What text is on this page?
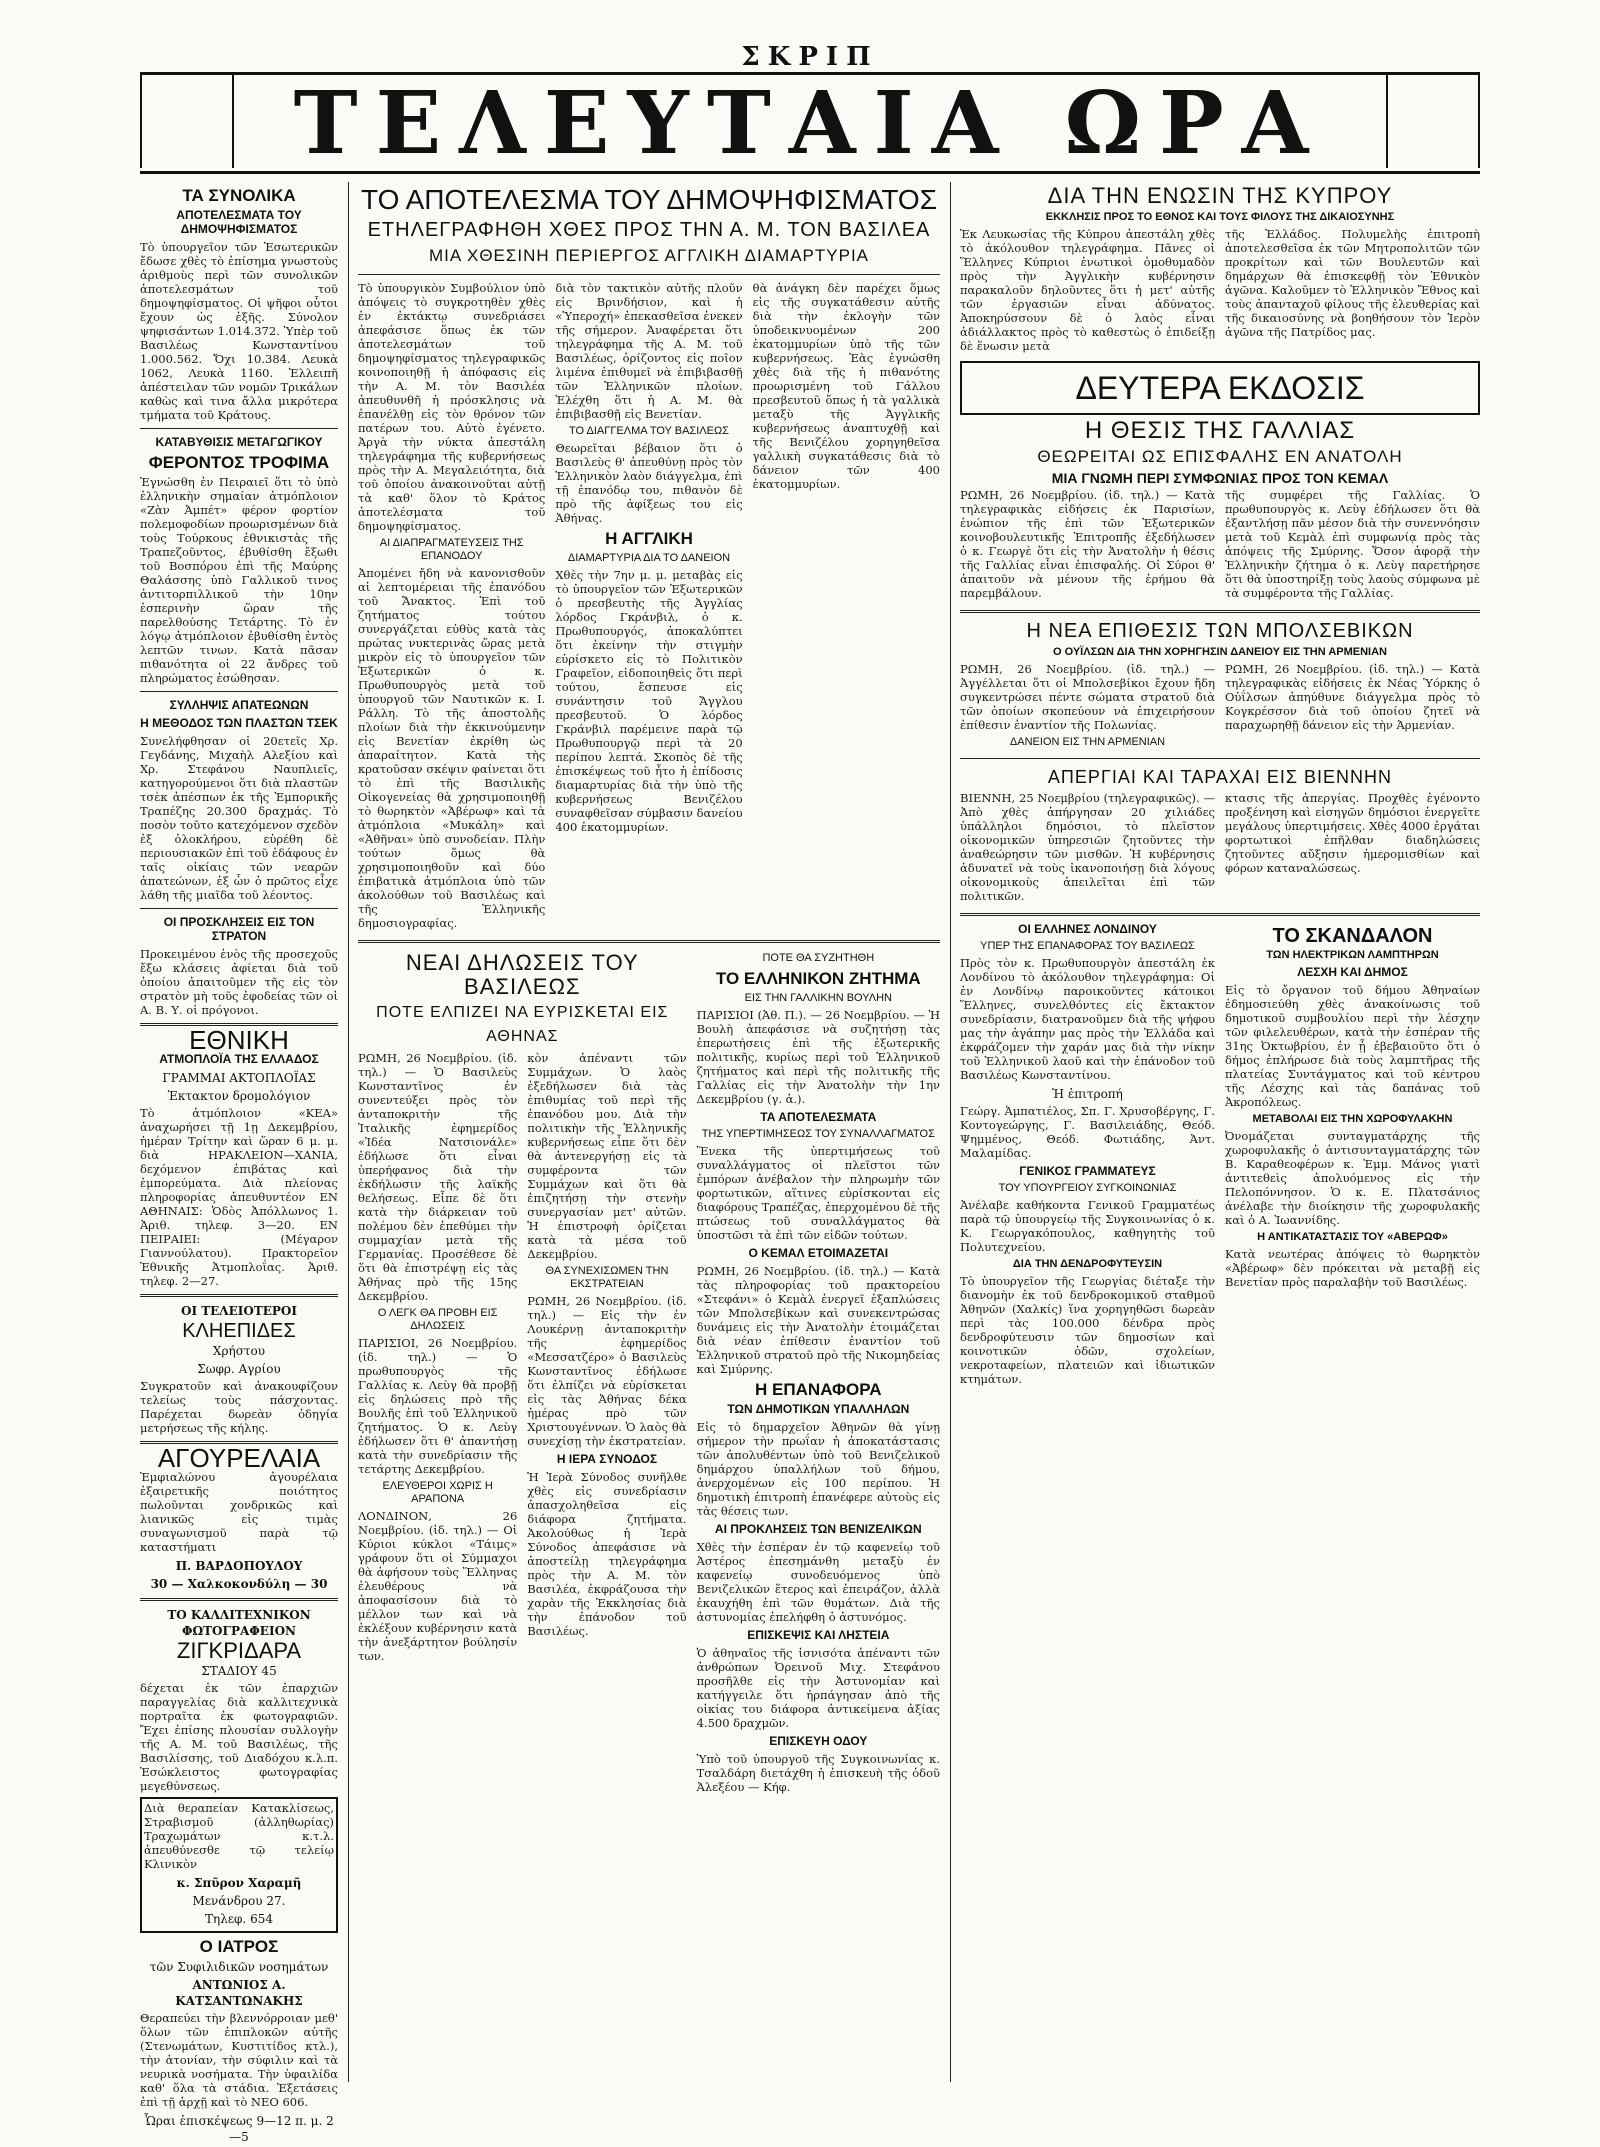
ΣΚΡΙΠ
ΤΕΛΕΥΤΑΙΑ ΩΡΑ
ΤΑ ΣΥΝΟΛΙΚΑ
ΑΠΟΤΕΛΕΣΜΑΤΑ ΤΟΥ ΔΗΜΟΨΗΦΙΣΜΑΤΟΣ
Τὸ ὑπουργεῖον τῶν Ἐσωτερικῶν ἔδωσε χθὲς τὸ ἐπίσημα γνωστοὺς ἀριθμοὺς περὶ τῶν συνολικῶν ἀποτελεσμάτων τοῦ δημοψηφίσματος. Οἱ ψῆφοι οὗτοι ἔχουν ὡς ἑξῆς. Σύνολον ψηφισάντων 1.014.372. Ὑπὲρ τοῦ Βασιλέως Κωνσταντίνου 1.000.562. Ὄχι 10.384. Λευκὰ 1062, Λευκὰ 1160. Ἐλλειπῆ ἀπέστειλαν τῶν νομῶν Τρικάλων καθὼς καὶ τινα ἄλλα μικρότερα τμήματα τοῦ Κράτους.
ΚΑΤΑΒΥΘΙΣΙΣ ΜΕΤΑΓΩΓΙΚΟΥ
ΦΕΡΟΝΤΟΣ ΤΡΟΦΙΜΑ
Ἐγνώσθη ἐν Πειραιεῖ ὅτι τὸ ὑπὸ ἑλληνικὴν σημαίαν ἀτμόπλοιον «Ζὰν Ἀμπέτ» φέρον φορτίον πολεμοφοδίων προωρισμένων διὰ τοὺς Τούρκους ἐθνικιστὰς τῆς Τραπεζοῦντος, ἐβυθίσθη ἔξωθι τοῦ Βοσπόρου ἐπὶ τῆς Μαύρης Θαλάσσης ὑπὸ Γαλλικοῦ τινος ἀντιτορπιλλικοῦ τὴν 10ην ἑσπερινὴν ὥραν τῆς παρελθούσης Τετάρτης. Τὸ ἐν λόγῳ ἀτμόπλοιον ἐβυθίσθη ἐντὸς λεπτῶν τινων. Κατὰ πᾶσαν πιθανότητα οἱ 22 ἄνδρες τοῦ πληρώματος ἐσώθησαν.
ΣΥΛΛΗΨΙΣ ΑΠΑΤΕΩΝΩΝ
Η ΜΕΘΟΔΟΣ ΤΩΝ ΠΛΑΣΤΩΝ ΤΣΕΚ
Συνελήφθησαν οἱ 20ετεῖς Χρ. Γεγδάνης, Μιχαὴλ Αλεξίου καὶ Χρ. Στεφάνου Ναυπλιεῖς, κατηγορούμενοι ὅτι διὰ πλαστῶν τσὲκ ἀπέσπων ἐκ τῆς Ἐμπορικῆς Τραπέζης 20.300 δραχμάς. Τὸ ποσὸν τοῦτο κατεχόμενον σχεδὸν ἐξ ὁλοκλήρου, εὑρέθη δὲ περιουσιακῶν ἐπὶ τοῦ ἐδάφους ἐν ταῖς οἰκίαις τῶν νεαρῶν ἀπατεώνων, ἐξ ὧν ὁ πρῶτος εἶχε λάθη τῆς μιαῖδα τοῦ λέοντος.
ΟΙ ΠΡΟΣΚΛΗΣΕΙΣ ΕΙΣ ΤΟΝ ΣΤΡΑΤΟΝ
Προκειμένου ἐνὸς τῆς προσεχοῦς ἔξω κλάσεις ἀφίεται διὰ τοῦ ὁποίου ἀπαιτοῦμεν τῆς εἰς τὸν στρατὸν μὴ τοῦς ἐφοδείας τῶν οἱ Α. Β. Υ. οἱ πρόγονοι.
ΕΘΝΙΚΗ
ΑΤΜΟΠΛΟΪΑ ΤΗΣ ΕΛΛΑΔΟΣ
ΓΡΑΜΜΑΙ ΑΚΤΟΠΛΟΪΑΣ
Ἐκτακτον δρομολόγιον
Τὸ ἀτμόπλοιον «ΚΕΑ» ἀναχωρήσει τῇ 1ῃ Δεκεμβρίου, ἡμέραν Τρίτην καὶ ὥραν 6 μ. μ. διὰ ΗΡΑΚΛΕΙΟΝ—ΧΑΝΙΑ, δεχόμενον ἐπιβάτας καὶ ἐμπορεύματα. Διὰ πλείονας πληροφορίας ἀπευθυντέον ΕΝ ΑΘΗΝΑΙΣ: Ὁδὸς Ἀπόλλωνος 1. Ἀριθ. τηλεφ. 3—20. ΕΝ ΠΕΙΡΑΙΕΙ: (Μέγαρον Γιαννούλατου). Πρακτορεῖον Ἐθνικῆς Ἀτμοπλοΐας. Ἀριθ. τηλεφ. 2—27.
ΟΙ ΤΕΛΕΙΟΤΕΡΟΙ
ΚΛΗΕΠΙΔΕΣ
Χρήστου
Σωφρ. Αγρίου
Συγκρατοῦν καὶ ἀνακουφίζουν τελείως τοὺς πάσχοντας. Παρέχεται δωρεὰν ὁδηγία μετρήσεως τῆς κήλης.
ΑΓΟΥΡΕΛΑΙΑ
Ἐμφιαλώνου ἀγουρέλαια ἐξαιρετικῆς ποιότητος πωλοῦνται χονδρικῶς καὶ λιανικῶς εἰς τιμὰς συναγωνισμοῦ παρὰ τῷ καταστήματι
Π. ΒΑΡΔΟΠΟΥΛΟΥ
30 — Χαλκοκονδύλη — 30
ΤΟ ΚΑΛΛΙΤΕΧΝΙΚΟΝ ΦΩΤΟΓΡΑΦΕΙΟΝ
ΖΙΓΚΡΙΔΑΡΑ
ΣΤΑΔΙΟΥ 45
δέχεται ἐκ τῶν ἐπαρχιῶν παραγγελίας διὰ καλλιτεχνικὰ πορτραῖτα ἐκ φωτογραφιῶν. Ἔχει ἐπίσης πλουσίαν συλλογὴν τῆς Α. Μ. τοῦ Βασιλέως, τῆς Βασιλίσσης, τοῦ Διαδόχου κ.λ.π. Ἐσώκλειστος φωτογραφίας μεγεθύνσεως.
Διὰ θεραπείαν Κατακλίσεως, Στραβισμοῦ (ἀλληθωρίας) Τραχωμάτων κ.τ.λ. ἀπευθύνεσθε τῷ τελείῳ Κλινικὸν
κ. Σπῦρον Χαραμῆ
Μενάνδρου 27.
Τηλεφ. 654
Ο ΙΑΤΡΟΣ
τῶν Συφιλιδικῶν νοσημάτων
ΑΝΤΩΝΙΟΣ Α. ΚΑΤΣΑΝΤΩΝΑΚΗΣ
Θεραπεύει τὴν βλεννόρροιαν μεθ' ὅλων τῶν ἐπιπλοκῶν αὐτῆς (Στενωμάτων, Κυστιτίδος κτλ.), τὴν ἀτονίαν, τὴν σύφιλιν καὶ τὰ νευρικὰ νοσήματα. Τὴν ὑφαιλίδα καθ' ὅλα τὰ στάδια. Ἐξετάσεις ἐπὶ τῇ ἀρχῇ καὶ τὸ ΝΕΟ 606.
Ὧραι ἐπισκέψεως 9—12 π. μ. 2—5
ΤΟ ΑΠΟΤΕΛΕΣΜΑ ΤΟΥ ΔΗΜΟΨΗΦΙΣΜΑΤΟΣ
ΕΤΗΛΕΓΡΑΦΗΘΗ ΧΘΕΣ ΠΡΟΣ ΤΗΝ Α. Μ. ΤΟΝ ΒΑΣΙΛΕΑ
ΜΙΑ ΧΘΕΣΙΝΗ ΠΕΡΙΕΡΓΟΣ ΑΓΓΛΙΚΗ ΔΙΑΜΑΡΤΥΡΙΑ
Τὸ ὑπουργικὸν Συμβούλιον ὑπὸ ἀπόψεις τὸ συγκροτηθὲν χθὲς ἐν ἐκτάκτῳ συνεδριάσει ἀπεφάσισε ὅπως ἐκ τῶν ἀποτελεσμάτων τοῦ δημοψηφίσματος τηλεγραφικῶς κοινοποιηθῇ ἡ ἀπόφασις εἰς τὴν Α. Μ. τὸν Βασιλέα ἀπευθυνθῆ ἡ πρόσκλησις νὰ ἐπανέλθῃ εἰς τὸν θρόνον τῶν πατέρων του. Αὐτὸ ἐγένετο. Ἀργὰ τὴν νύκτα ἀπεστάλη τηλεγράφημα τῆς κυβερνήσεως πρὸς τὴν Α. Μεγαλειότητα, διὰ τοῦ ὁποίου ἀνακοινοῦται αὐτῇ τὰ καθ' ὅλον τὸ Κράτος ἀποτελέσματα τοῦ δημοψηφίσματος.
ΑΙ ΔΙΑΠΡΑΓΜΑΤΕΥΣΕΙΣ ΤΗΣ ΕΠΑΝΟΔΟΥ
Ἀπομένει ἤδη νὰ κανονισθοῦν αἱ λεπτομέρειαι τῆς ἐπανόδου τοῦ Ἄνακτος. Ἐπὶ τοῦ ζητήματος τούτου συνεργάζεται εὐθὺς κατὰ τὰς πρώτας νυκτερινὰς ὥρας μετὰ μικρὸν εἰς τὸ ὑπουργεῖον τῶν Ἐξωτερικῶν ὁ κ. Πρωθυπουργὸς μετὰ τοῦ ὑπουργοῦ τῶν Ναυτικῶν κ. Ι. Ράλλη. Τὸ τῆς ἀποστολῆς πλοίων διὰ τὴν ἐκκινούμενην εἰς Βενετίαν ἐκρίθη ὡς ἀπαραίτητον. Κατὰ τὴς κρατοῦσαν σκέψιν φαίνεται ὅτι τὸ ἐπὶ τῆς Βασιλικῆς Οἰκογενείας θὰ χρησιμοποιηθῇ τὸ θωρηκτὸν «Ἀβέρωφ» καὶ τὰ ἀτμόπλοια «Μυκάλη» καὶ «Ἀθῆναι» ὑπὸ συνοδείαν. Πλὴν τούτων ὅμως θὰ χρησιμοποιηθοῦν καὶ δύο ἐπιβατικὰ ἀτμόπλοια ὑπὸ τῶν ἀκολούθων τοῦ Βασιλέως καὶ τῆς Ἑλληνικῆς δημοσιογραφίας.
διὰ τὸν τακτικὸν αὐτῆς πλοῦν εἰς Βρινδήσιον, καὶ ἡ «Ὑπεροχή» ἐπεκασθεῖσα ἐνεκεν τῆς σήμερον. Ἀναφέρεται ὅτι τηλεγράφημα τῆς Α. Μ. τοῦ Βασιλέως, ὁρίζοντος εἰς ποῖον λιμένα ἐπιθυμεῖ νὰ ἐπιβιβασθῇ τῶν Ἑλληνικῶν πλοίων. Ἐλέχθη ὅτι ἡ Α. Μ. θὰ ἐπιβιβασθῇ εἰς Βενετίαν.
ΤΟ ΔΙΑΓΓΕΛΜΑ ΤΟΥ ΒΑΣΙΛΕΩΣ
Θεωρεῖται βέβαιον ὅτι ὁ Βασιλεὺς θ' ἀπευθύνῃ πρὸς τὸν Ἑλληνικὸν λαὸν διάγγελμα, ἐπὶ τῇ ἐπανόδῳ του, πιθανὸν δὲ πρὸ τῆς ἀφίξεως του εἰς Ἀθήνας.
Η ΑΓΓΛΙΚΗ
ΔΙΑΜΑΡΤΥΡΙΑ ΔΙΑ ΤΟ ΔΑΝΕΙΟΝ
Χθὲς τὴν 7ην μ. μ. μεταβὰς εἰς τὸ ὑπουργεῖον τῶν Ἐξωτερικῶν ὁ πρεσβευτὴς τῆς Ἀγγλίας λόρδος Γκράνβιλ, ὁ κ. Πρωθυπουργός, ἀποκαλύπτει ὅτι ἐκείνην τὴν στιγμὴν εὑρίσκετο εἰς τὸ Πολιτικὸν Γραφεῖον, εἰδοποιηθεὶς ὅτι περὶ τούτου, ἔσπευσε εἰς συνάντησιν τοῦ Ἄγγλου πρεσβευτοῦ. Ὁ λόρδος Γκράνβιλ παρέμεινε παρὰ τῷ Πρωθυπουργῷ περὶ τὰ 20 περίπου λεπτά. Σκοπὸς δὲ τῆς ἐπισκέψεως τοῦ ἦτο ἡ ἐπίδοσις διαμαρτυρίας διὰ τὴν ὑπὸ τῆς κυβερνήσεως Βενιζέλου συναφθεῖσαν σύμβασιν δανείου 400 ἑκατομμυρίων.
θὰ ἀνάγκη δὲν παρέχει ὅμως εἰς τῆς συγκατάθεσιν αὐτῆς διὰ τὴν ἐκλογὴν τῶν ὑποδεικνυομένων 200 ἑκατομμυρίων ὑπὸ τῆς τῶν κυβερνήσεως. Ἐὰς ἐγνώσθη χθὲς διὰ τῆς ἡ πιθανότης προωρισμένη τοῦ Γάλλου πρεσβευτοῦ ὅπως ἡ τὰ γαλλικὰ μεταξὺ τῆς Ἀγγλικῆς κυβερνήσεως ἀναπτυχθῇ καὶ τῆς Βενιζέλου χορηγηθεῖσα γαλλικὴ συγκατάθεσις διὰ τὸ δάνειον τῶν 400 ἑκατομμυρίων.
ΝΕΑΙ ΔΗΛΩΣΕΙΣ ΤΟΥ ΒΑΣΙΛΕΩΣ
ΠΟΤΕ ΕΛΠΙΖΕΙ ΝΑ ΕΥΡΙΣΚΕΤΑΙ ΕΙΣ ΑΘΗΝΑΣ
ΡΩΜΗ, 26 Νοεμβρίου. (ἰδ. τηλ.) — Ὁ Βασιλεὺς Κωνσταντῖνος ἐν συνεντεύξει πρὸς τὸν ἀνταποκριτὴν τῆς Ἰταλικῆς ἐφημερίδος «Ἰδέα Νατσιονάλε» ἐδήλωσε ὅτι εἶναι ὑπερήφανος διὰ τὴν ἐκδήλωσιν τῆς λαϊκῆς θελήσεως. Εἶπε δὲ ὅτι κατὰ τὴν διάρκειαν τοῦ πολέμου δὲν ἐπεθύμει τὴν συμμαχίαν μετὰ τῆς Γερμανίας. Προσέθεσε δὲ ὅτι θὰ ἐπιστρέψῃ εἰς τὰς Ἀθήνας πρὸ τῆς 15ης Δεκεμβρίου.
Ο ΛΕΓΚ ΘΑ ΠΡΟΒΗ ΕΙΣ ΔΗΛΩΣΕΙΣ
ΠΑΡΙΣΙΟΙ, 26 Νοεμβρίου. (ἰδ. τηλ.) — Ὁ πρωθυπουργὸς τῆς Γαλλίας κ. Λεὺγ θὰ προβῇ εἰς δηλώσεις πρὸ τῆς Βουλῆς ἐπὶ τοῦ Ἑλληνικοῦ ζητήματος. Ὁ κ. Λεὺγ ἐδήλωσεν ὅτι θ' ἀπαντήσῃ κατὰ τὴν συνεδρίασιν τῆς τετάρτης Δεκεμβρίου.
ΕΛΕΥΘΕΡΟΙ ΧΩΡΙΣ Η ΑΡΑΠΟΝΑ
ΛΟΝΔΙΝΟΝ, 26 Νοεμβρίου. (ἰδ. τηλ.) — Οἱ Κύριοι κύκλοι «Τάιμς» γράφουν ὅτι οἱ Σύμμαχοι θὰ ἀφήσουν τοὺς Ἕλληνας ἐλευθέρους νὰ ἀποφασίσουν διὰ τὸ μέλλον των καὶ νὰ ἐκλέξουν κυβέρνησιν κατὰ τὴν ἀνεξάρτητον βούλησίν των.
κὸν ἀπέναντι τῶν Συμμάχων. Ὁ λαὸς ἐξεδήλωσεν διὰ τὰς ἐπιθυμίας τοῦ περὶ τῆς ἐπανόδου μου. Διὰ τὴν πολιτικὴν τῆς Ἑλληνικῆς κυβερνήσεως εἶπε ὅτι δὲν θὰ ἀντενεργήσῃ εἰς τὰ συμφέροντα τῶν Συμμάχων καὶ ὅτι θὰ ἐπιζητήσῃ τὴν στενὴν συνεργασίαν μετ' αὐτῶν. Ἡ ἐπιστροφὴ ὁρίζεται κατὰ τὰ μέσα τοῦ Δεκεμβρίου.
ΘΑ ΣΥΝΕΧΙΣΩΜΕΝ ΤΗΝ ΕΚΣΤΡΑΤΕΙΑΝ
ΡΩΜΗ, 26 Νοεμβρίου. (ἰδ. τηλ.) — Εἰς τὴν ἐν Λουκέρνῃ ἀνταποκριτὴν τῆς ἐφημερίδος «Μεσσατζέρο» ὁ Βασιλεὺς Κωνσταντῖνος ἐδήλωσε ὅτι ἐλπίζει νὰ εὑρίσκεται εἰς τὰς Ἀθήνας δέκα ἡμέρας πρὸ τῶν Χριστουγέννων. Ὁ λαὸς θὰ συνεχίσῃ τὴν ἐκστρατείαν.
Η ΙΕΡΑ ΣΥΝΟΔΟΣ
Ἡ Ἱερὰ Σύνοδος συνῆλθε χθὲς εἰς συνεδρίασιν ἀπασχοληθεῖσα εἰς διάφορα ζητήματα. Ἀκολούθως ἡ Ἱερὰ Σύνοδος ἀπεφάσισε νὰ ἀποστείλῃ τηλεγράφημα πρὸς τὴν Α. Μ. τὸν Βασιλέα, ἐκφράζουσα τὴν χαρὰν τῆς Ἐκκλησίας διὰ τὴν ἐπάνοδον τοῦ Βασιλέως.
ΠΟΤΕ ΘΑ ΣΥΖΗΤΗΘΗ
ΤΟ ΕΛΛΗΝΙΚΟΝ ΖΗΤΗΜΑ
ΕΙΣ ΤΗΝ ΓΑΛΛΙΚΗΝ ΒΟΥΛΗΝ
ΠΑΡΙΣΙΟΙ (Ἀθ. Π.). — 26 Νοεμβρίου. — Ἡ Βουλὴ ἀπεφάσισε νὰ συζητήσῃ τὰς ἐπερωτήσεις ἐπὶ τῆς ἐξωτερικῆς πολιτικῆς, κυρίως περὶ τοῦ Ἑλληνικοῦ ζητήματος καὶ περὶ τῆς πολιτικῆς τῆς Γαλλίας εἰς τὴν Ἀνατολὴν τὴν 1ην Δεκεμβρίου (γ. ἀ.).
ΤΑ ΑΠΟΤΕΛΕΣΜΑΤΑ
ΤΗΣ ΥΠΕΡΤΙΜΗΣΕΩΣ ΤΟΥ ΣΥΝΑΛΛΑΓΜΑΤΟΣ
Ἕνεκα τῆς ὑπερτιμήσεως τοῦ συναλλάγματος οἱ πλεῖστοι τῶν ἐμπόρων ἀνέβαλον τὴν πληρωμὴν τῶν φορτωτικῶν, αἵτινες εὑρίσκονται εἰς διαφόρους Τραπέζας, ἐπερχομένου δὲ τῆς πτώσεως τοῦ συναλλάγματος θὰ ὑποστῶσι τὰ ἐπὶ τῶν εἰδῶν τούτων.
Ο ΚΕΜΑΛ ΕΤΟΙΜΑΖΕΤΑΙ
ΡΩΜΗ, 26 Νοεμβρίου. (ἰδ. τηλ.) — Κατὰ τὰς πληροφορίας τοῦ πρακτορείου «Στεφάνι» ὁ Κεμὰλ ἐνεργεῖ ἐξαπλώσεις τῶν Μπολσεβίκων καὶ συνεκεντρώσας δυνάμεις εἰς τὴν Ἀνατολὴν ἑτοιμάζεται διὰ νέαν ἐπίθεσιν ἐναντίον τοῦ Ἑλληνικοῦ στρατοῦ πρὸ τῆς Νικομηδείας καὶ Σμύρνης.
Η ΕΠΑΝΑΦΟΡΑ
ΤΩΝ ΔΗΜΟΤΙΚΩΝ ΥΠΑΛΛΗΛΩΝ
Εἰς τὸ δημαρχεῖον Ἀθηνῶν θὰ γίνῃ σήμερον τὴν πρωΐαν ἡ ἀποκατάστασις τῶν ἀπολυθέντων ὑπὸ τοῦ Βενιζελικοῦ δημάρχου ὑπαλλήλων τοῦ δήμου, ἀνερχομένων εἰς 100 περίπου. Ἡ δημοτικὴ ἐπιτροπὴ ἐπανέφερε αὐτοὺς εἰς τὰς θέσεις των.
ΑΙ ΠΡΟΚΛΗΣΕΙΣ ΤΩΝ ΒΕΝΙΖΕΛΙΚΩΝ
Χθὲς τὴν ἑσπέραν ἐν τῷ καφενείῳ τοῦ Ἀστέρος ἐπεσημάνθη μεταξὺ ἐν καφενείῳ συνοδευόμενος ὑπὸ Βενιζελικῶν ἕτερος καὶ ἐπειράζον, ἀλλὰ ἐκαυχήθη ἐπὶ τῶν θυμάτων. Διὰ τῆς ἀστυνομίας ἐπελήφθη ὁ ἀστυνόμος.
ΕΠΙΣΚΕΨΙΣ ΚΑΙ ΛΗΣΤΕΙΑ
Ὁ ἀθηναῖος τῆς ἰσνισότα ἀπέναντι τῶν ἀνθρώπων Ὀρεινοῦ Μιχ. Στεφάνου προσῆλθε εἰς τὴν Ἀστυνομίαν καὶ κατήγγειλε ὅτι ἠρπάγησαν ἀπὸ τῆς οἰκίας του διάφορα ἀντικείμενα ἀξίας 4.500 δραχμῶν.
ΕΠΙΣΚΕΥΗ ΟΔΟΥ
Ὑπὸ τοῦ ὑπουργοῦ τῆς Συγκοινωνίας κ. Τσαλδάρη διετάχθη ἡ ἐπισκευὴ τῆς ὁδοῦ Ἀλεξέου — Κήφ.
ΔΙΑ ΤΗΝ ΕΝΩΣΙΝ ΤΗΣ ΚΥΠΡΟΥ
ΕΚΚΛΗΣΙΣ ΠΡΟΣ ΤΟ ΕΘΝΟΣ ΚΑΙ ΤΟΥΣ ΦΙΛΟΥΣ ΤΗΣ ΔΙΚΑΙΟΣΥΝΗΣ
Ἐκ Λευκωσίας τῆς Κύπρου ἀπεστάλη χθὲς τὸ ἀκόλουθον τηλεγράφημα. Πᾶνες οἱ Ἕλληνες Κύπριοι ἐνωτικοὶ ὁμοθυμαδὸν πρὸς τὴν Ἀγγλικὴν κυβέρνησιν παρακαλοῦν δηλοῦντες ὅτι ἡ μετ' αὐτῆς τῶν ἐργασιῶν εἶναι ἀδύνατος. Ἀποκηρύσσουν δὲ ὁ λαὸς εἶναι ἀδιάλλακτος πρὸς τὸ καθεστὼς ὁ ἐπιδείξῃ δὲ ἕνωσιν μετὰ
τῆς Ἑλλάδος. Πολυμελὴς ἐπιτροπὴ ἀποτελεσθεῖσα ἐκ τῶν Μητροπολιτῶν τῶν προκρίτων καὶ τῶν Βουλευτῶν καὶ δημάρχων θὰ ἐπισκεφθῇ τὸν Ἐθνικὸν ἀγῶνα. Καλοῦμεν τὸ Ἑλληνικὸν Ἔθνος καὶ τοὺς ἀπανταχοῦ φίλους τῆς ἐλευθερίας καὶ τῆς δικαιοσύνης νὰ βοηθήσουν τὸν Ἱερὸν ἀγῶνα τῆς Πατρίδος μας.
ΔΕΥΤΕΡΑ ΕΚΔΟΣΙΣ
Η ΘΕΣΙΣ ΤΗΣ ΓΑΛΛΙΑΣ
ΘΕΩΡΕΙΤΑΙ ΩΣ ΕΠΙΣΦΑΛΗΣ ΕΝ ΑΝΑΤΟΛΗ
ΜΙΑ ΓΝΩΜΗ ΠΕΡΙ ΣΥΜΦΩΝΙΑΣ ΠΡΟΣ ΤΟΝ ΚΕΜΑΛ
ΡΩΜΗ, 26 Νοεμβρίου. (ἰδ. τηλ.) — Κατὰ τηλεγραφικὰς εἰδήσεις ἐκ Παρισίων, ἐνώπιον τῆς ἐπὶ τῶν Ἐξωτερικῶν κοινοβουλευτικῆς Ἐπιτροπῆς ἐξεδήλωσεν ὁ κ. Γεωργὲ ὅτι εἰς τὴν Ἀνατολὴν ἡ θέσις τῆς Γαλλίας εἶναι ἐπισφαλής. Οἱ Σύροι θ' ἀπαιτοῦν νὰ μένουν τῆς ἐρήμου θὰ παρεμβάλουν.
τῆς συμφέρει τῆς Γαλλίας. Ὁ πρωθυπουργὸς κ. Λεὺγ ἐδήλωσεν ὅτι θὰ ἐξαντλήσῃ πᾶν μέσον διὰ τὴν συνεννόησιν μετὰ τοῦ Κεμὰλ ἐπὶ συμφωνίᾳ πρὸς τὰς ἀπόψεις τῆς Σμύρνης. Ὅσον ἀφορᾷ τὴν Ἑλληνικὴν ζήτημα ὁ κ. Λεὺγ παρετήρησε ὅτι θὰ ὑποστηρίξῃ τοὺς λαοὺς σύμφωνα μὲ τὰ συμφέροντα τῆς Γαλλίας.
Η ΝΕΑ ΕΠΙΘΕΣΙΣ ΤΩΝ ΜΠΟΛΣΕΒΙΚΩΝ
Ο ΟΥΪΛΣΩΝ ΔΙΑ ΤΗΝ ΧΟΡΗΓΗΣΙΝ ΔΑΝΕΙΟΥ ΕΙΣ ΤΗΝ ΑΡΜΕΝΙΑΝ
ΡΩΜΗ, 26 Νοεμβρίου. (ἰδ. τηλ.) — Ἀγγέλλεται ὅτι οἱ Μπολσεβίκοι ἔχουν ἤδη συγκεντρώσει πέντε σώματα στρατοῦ διὰ τῶν ὁποίων σκοπεύουν νὰ ἐπιχειρήσουν ἐπίθεσιν ἐναντίον τῆς Πολωνίας.
ΔΑΝΕΙΟΝ ΕΙΣ ΤΗΝ ΑΡΜΕΝΙΑΝ
ΡΩΜΗ, 26 Νοεμβρίου. (ἰδ. τηλ.) — Κατὰ τηλεγραφικὰς εἰδήσεις ἐκ Νέας Ὑόρκης ὁ Οὐΐλσων ἀπηύθυνε διάγγελμα πρὸς τὸ Κογκρέσσον διὰ τοῦ ὁποίου ζητεῖ νὰ παραχωρηθῇ δάνειον εἰς τὴν Ἀρμενίαν.
ΑΠΕΡΓΙΑΙ ΚΑΙ ΤΑΡΑΧΑΙ ΕΙΣ ΒΙΕΝΝΗΝ
ΒΙΕΝΝΗ, 25 Νοεμβρίου (τηλεγραφικῶς). — Ἀπὸ χθὲς ἀπήργησαν 20 χιλιάδες ὑπάλληλοι δημόσιοι, τὸ πλεῖστον οἰκονομικῶν ὑπηρεσιῶν ζητοῦντες τὴν ἀναθεώρησιν τῶν μισθῶν. Ἡ κυβέρνησις ἀδυνατεῖ νὰ τοὺς ἱκανοποιήσῃ διὰ λόγους οἰκονομικοὺς ἀπειλεῖται ἐπὶ τῶν πολιτικῶν.
κτασις τῆς ἀπεργίας. Προχθὲς ἐγένοντο προξένηση καὶ εἰσηγῶν δημόσιοι ἐνεργεῖτε μεγάλους ὑπερτιμήσεις. Χθὲς 4000 ἐργάται φορτωτικοὶ ἐπῆλθαν διαδηλώσεις ζητοῦντες αὔξησιν ἡμερομισθίων καὶ φόρων καταναλώσεως.
ΟΙ ΕΛΛΗΝΕΣ ΛΟΝΔΙΝΟΥ
ΥΠΕΡ ΤΗΣ ΕΠΑΝΑΦΟΡΑΣ ΤΟΥ ΒΑΣΙΛΕΩΣ
Πρὸς τὸν κ. Πρωθυπουργὸν ἀπεστάλη ἐκ Λονδίνου τὸ ἀκόλουθον τηλεγράφημα: Οἱ ἐν Λονδίνῳ παροικοῦντες κάτοικοι Ἕλληνες, συνελθόντες εἰς ἔκτακτον συνεδρίασιν, διατρανοῦμεν διὰ τῆς ψήφου μας τὴν ἀγάπην μας πρὸς τὴν Ἑλλάδα καὶ ἐκφράζομεν τὴν χαράν μας διὰ τὴν νίκην τοῦ Ἑλληνικοῦ λαοῦ καὶ τὴν ἐπάνοδον τοῦ Βασιλέως Κωνσταντίνου.
Ἡ ἐπιτροπή
Γεώργ. Ἀμπατιέλος, Σπ. Γ. Χρυσοβέργης, Γ. Κοντογεώργης, Γ. Βασιλειάδης, Θεόδ. Ψημμένος, Θεόδ. Φωτιάδης, Ἀντ. Μαλαμίδας.
ΓΕΝΙΚΟΣ ΓΡΑΜΜΑΤΕΥΣ
ΤΟΥ ΥΠΟΥΡΓΕΙΟΥ ΣΥΓΚΟΙΝΩΝΙΑΣ
Ἀνέλαβε καθήκοντα Γενικοῦ Γραμματέως παρὰ τῷ ὑπουργείῳ τῆς Συγκοινωνίας ὁ κ. Κ. Γεωργακόπουλος, καθηγητὴς τοῦ Πολυτεχνείου.
ΔΙΑ ΤΗΝ ΔΕΝΔΡΟΦΥΤΕΥΣΙΝ
Τὸ ὑπουργεῖον τῆς Γεωργίας διέταξε τὴν διανομὴν ἐκ τοῦ δενδροκομικοῦ σταθμοῦ Ἀθηνῶν (Χαλκίς) ἵνα χορηγηθῶσι δωρεὰν περὶ τὰς 100.000 δένδρα πρὸς δενδροφύτευσιν τῶν δημοσίων καὶ κοινοτικῶν ὁδῶν, σχολείων, νεκροταφείων, πλατειῶν καὶ ἰδιωτικῶν κτημάτων.
ΤΟ ΣΚΑΝΔΑΛΟΝ
ΤΩΝ ΗΛΕΚΤΡΙΚΩΝ ΛΑΜΠΤΗΡΩΝ
ΛΕΣΧΗ ΚΑΙ ΔΗΜΟΣ
Εἰς τὸ ὄργανον τοῦ δήμου Ἀθηναίων ἐδημοσιεύθη χθὲς ἀνακοίνωσις τοῦ δημοτικοῦ συμβουλίου περὶ τὴν λέσχην τῶν φιλελευθέρων, κατὰ τὴν ἑσπέραν τῆς 31ης Ὀκτωβρίου, ἐν ᾗ ἐβεβαιοῦτο ὅτι ὁ δήμος ἐπλήρωσε διὰ τοὺς λαμπτῆρας τῆς πλατείας Συντάγματος καὶ τοῦ κέντρου τῆς Λέσχης καὶ τὰς δαπάνας τοῦ Ἀκροπόλεως.
ΜΕΤΑΒΟΛΑΙ ΕΙΣ ΤΗΝ ΧΩΡΟΦΥΛΑΚΗΝ
Ὀνομάζεται συνταγματάρχης τῆς χωροφυλακῆς ὁ ἀντισυνταγματάρχης τῶν Β. Καραθεοφέρων κ. Ἐμμ. Μάνος γιατὶ ἀντιτεθεὶς ἀπολυόμενος εἰς τὴν Πελοπόννησον. Ὁ κ. Ε. Πλατσάνιος ἀνέλαβε τὴν διοίκησιν τῆς χωροφυλακῆς καὶ ὁ Α. Ἰωαννίδης.
Η ΑΝΤΙΚΑΤΑΣΤΑΣΙΣ ΤΟΥ «ΑΒΕΡΩΦ»
Κατὰ νεωτέρας ἀπόψεις τὸ θωρηκτὸν «Ἀβέρωφ» δὲν πρόκειται νὰ μεταβῇ εἰς Βενετίαν πρὸς παραλαβὴν τοῦ Βασιλέως.
